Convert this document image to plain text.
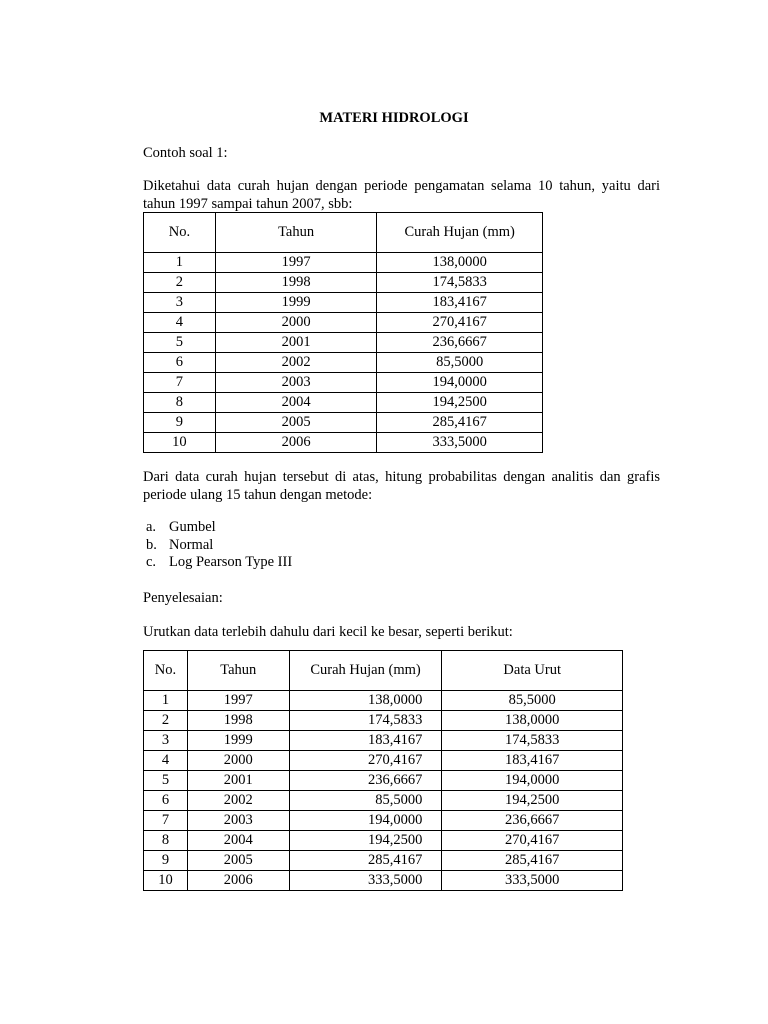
MATERI HIDROLOGI
Contoh soal 1:
Diketahui data curah hujan dengan periode pengamatan selama 10 tahun, yaitu dari
tahun 1997 sampai tahun 2007, sbb:
No.	Tahun	Curah Hujan (mm)
1	1997	138,0000
2	1998	174,5833
3	1999	183,4167
4	2000	270,4167
5	2001	236,6667
6	2002	85,5000
7	2003	194,0000
8	2004	194,2500
9	2005	285,4167
10	2006	333,5000
Dari data curah hujan tersebut di atas, hitung probabilitas dengan analitis dan grafis
periode ulang 15 tahun dengan metode:
a. Gumbel
b. Normal
c. Log Pearson Type III
Penyelesaian:
Urutkan data terlebih dahulu dari kecil ke besar, seperti berikut:
No.	Tahun	Curah Hujan (mm)	Data Urut
1	1997	138,0000	85,5000
2	1998	174,5833	138,0000
3	1999	183,4167	174,5833
4	2000	270,4167	183,4167
5	2001	236,6667	194,0000
6	2002	85,5000	194,2500
7	2003	194,0000	236,6667
8	2004	194,2500	270,4167
9	2005	285,4167	285,4167
10	2006	333,5000	333,5000
